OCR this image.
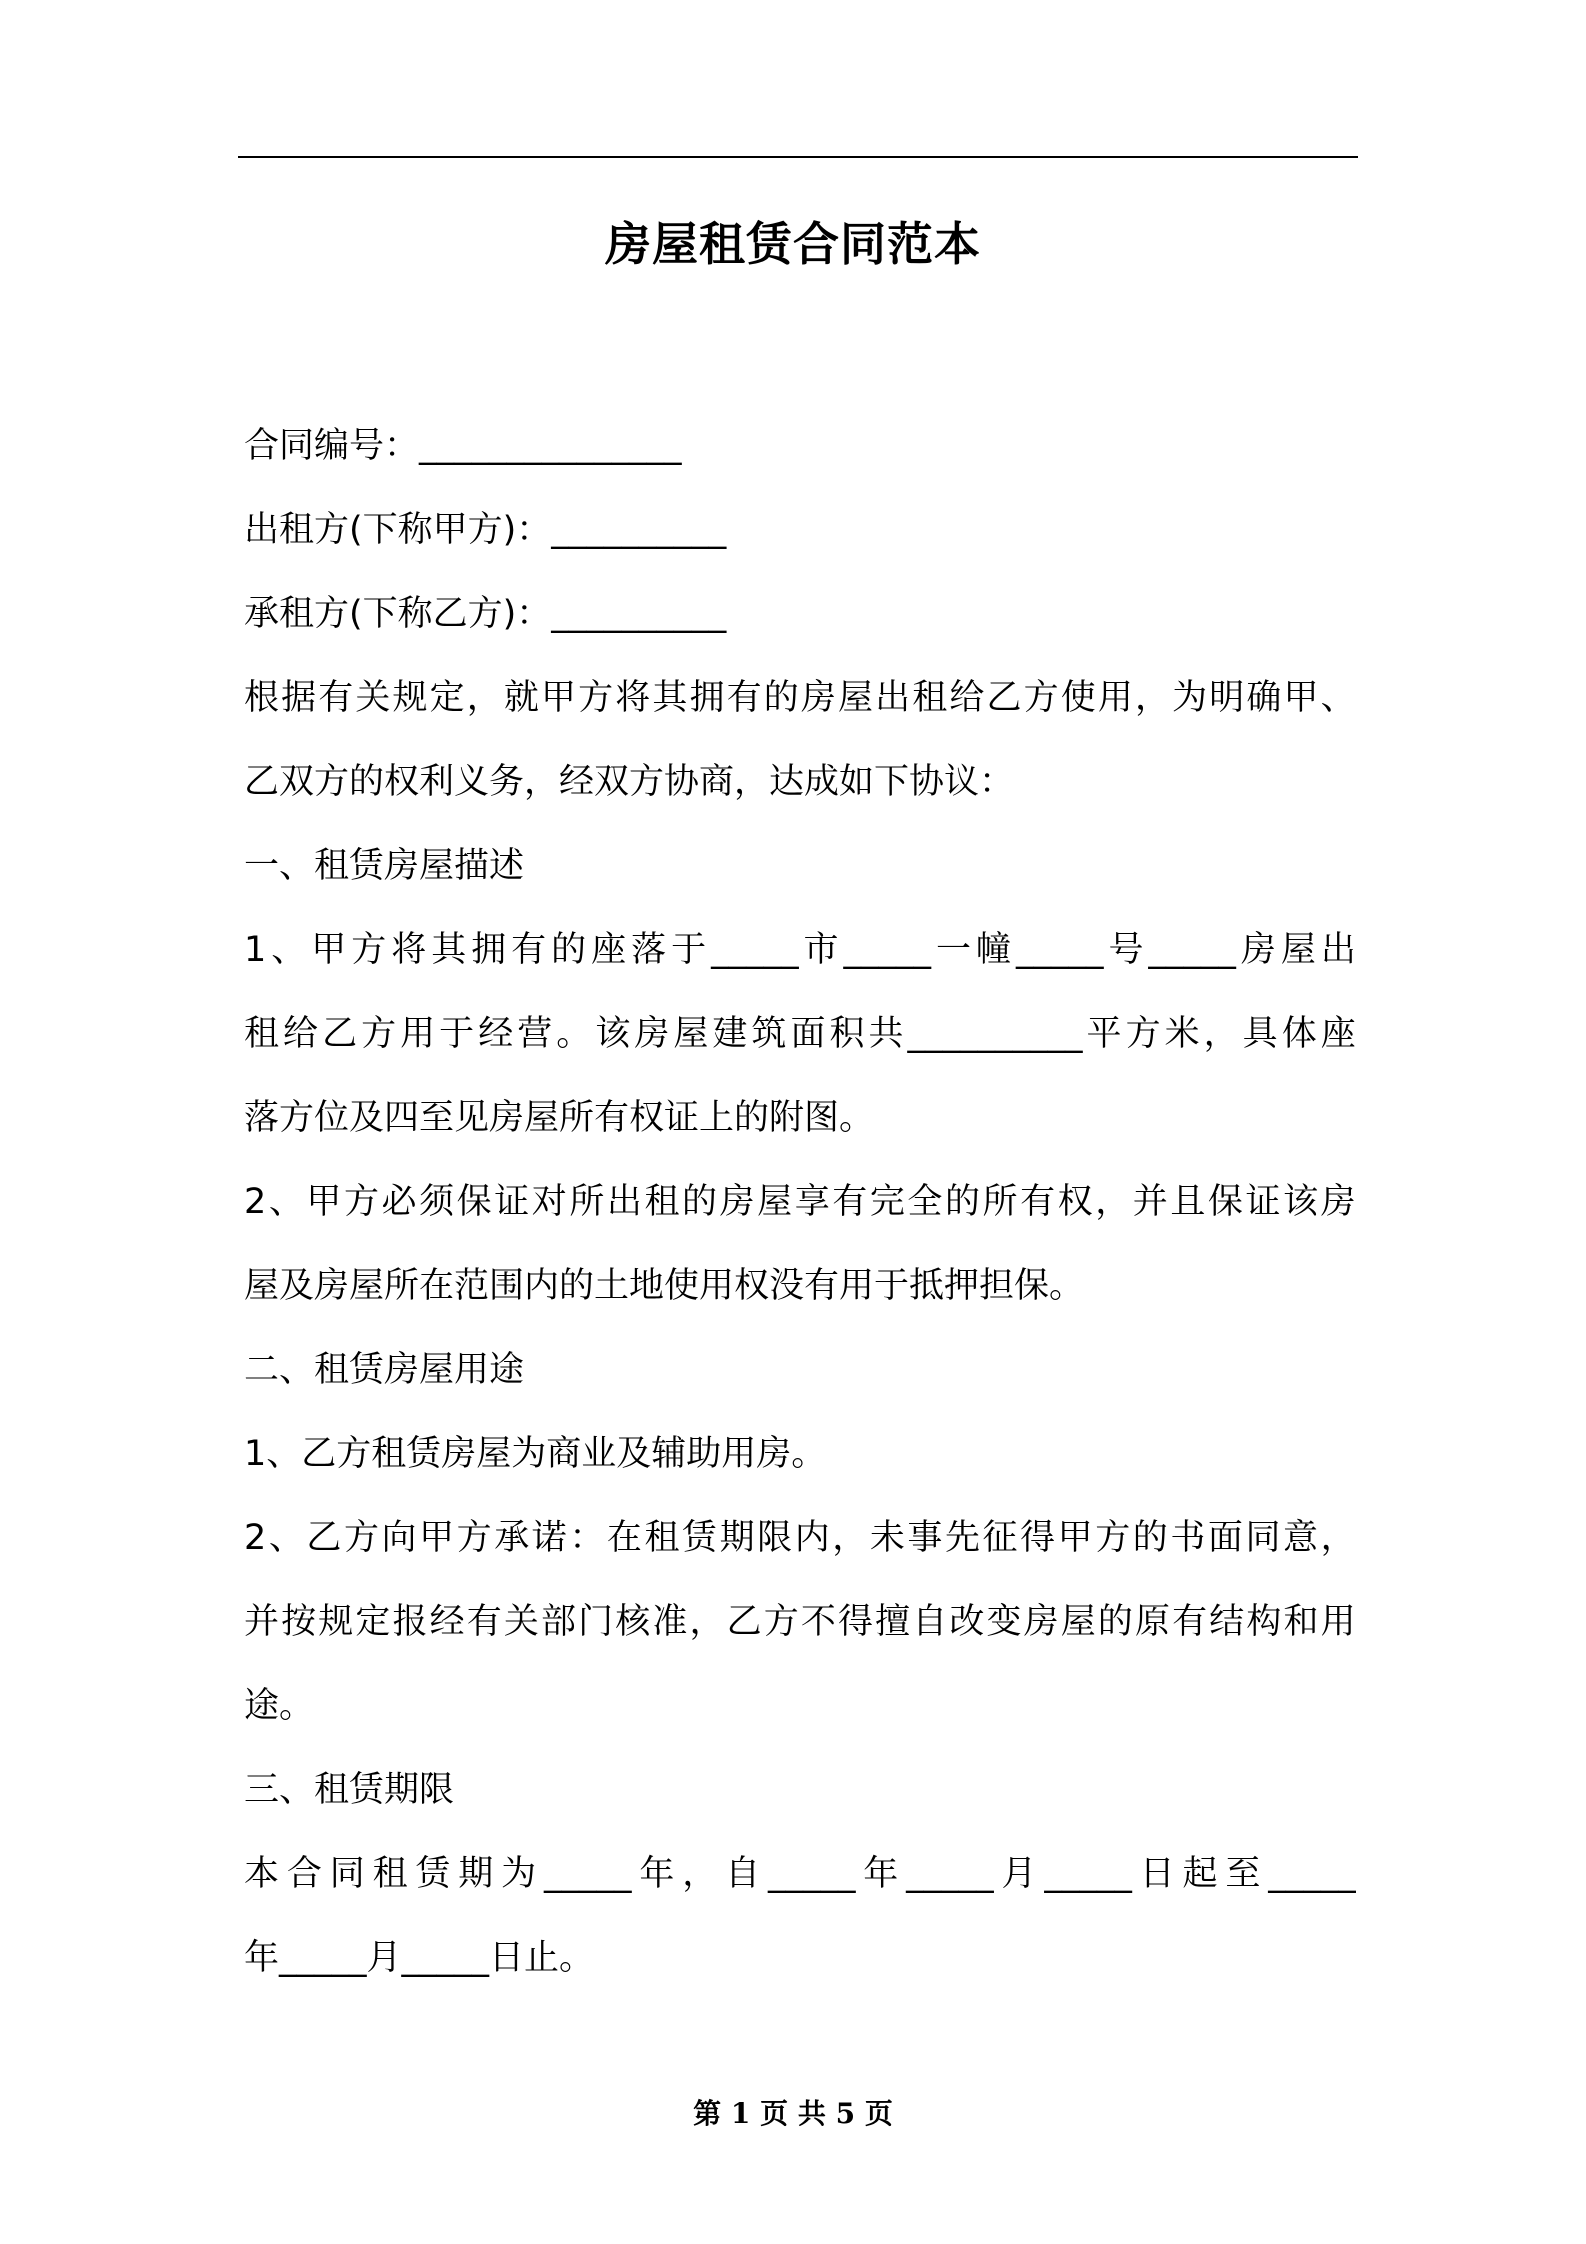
房屋租赁合同范本
合同编号：_______________
出租方(下称甲方)：__________
承租方(下称乙方)：__________
根 据 有 关 规 定 ， 就 甲 方 将 其 拥 有 的 房 屋 出 租 给 乙 方 使 用 ， 为 明 确 甲 、
乙双方的权利义务，经双方协商，达成如下协议：
一、租赁房屋描述
1 、 甲 方 将 其 拥 有 的 座 落 于 _____ 市 _____ 一 幢 _____ 号 _____ 房 屋 出
租 给 乙 方 用 于 经 营 。 该 房 屋 建 筑 面 积 共 __________ 平 方 米 ， 具 体 座
落方位及四至见房屋所有权证上的附图。
2 、 甲 方 必 须 保 证 对 所 出 租 的 房 屋 享 有 完 全 的 所 有 权 ， 并 且 保 证 该 房
屋及房屋所在范围内的土地使用权没有用于抵押担保。
二、租赁房屋用途
1、乙方租赁房屋为商业及辅助用房。
2 、 乙 方 向 甲 方 承 诺 ： 在 租 赁 期 限 内 ， 未 事 先 征 得 甲 方 的 书 面 同 意 ，
并 按 规 定 报 经 有 关 部 门 核 准 ， 乙 方 不 得 擅 自 改 变 房 屋 的 原 有 结 构 和 用
途。
三、租赁期限
本 合 同 租 赁 期 为 _____ 年 ， 自 _____ 年 _____ 月 _____ 日 起 至 _____
年_____月_____日止。
第 1 页 共 5 页
